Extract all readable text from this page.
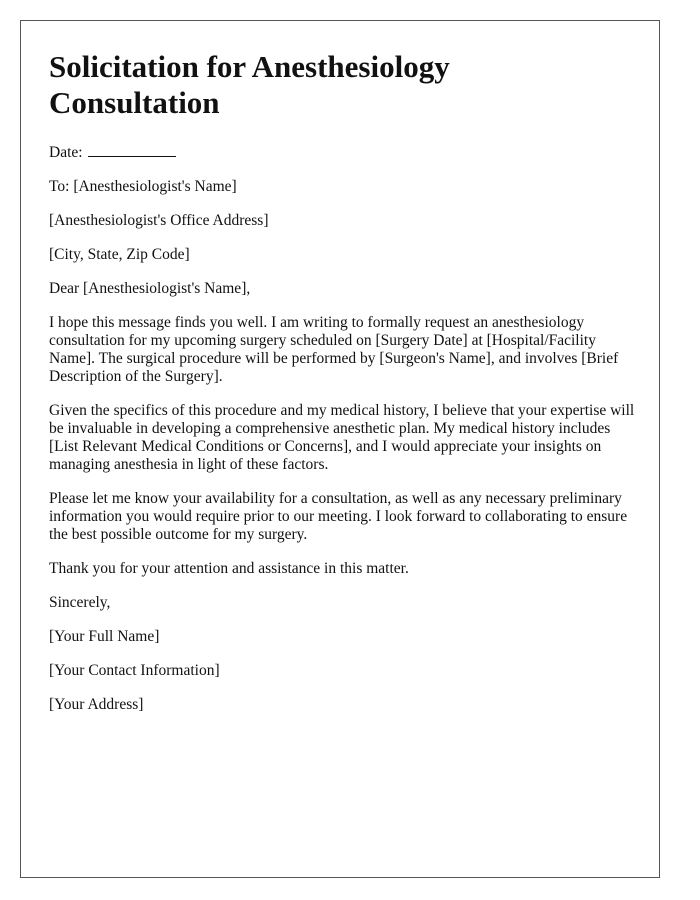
Solicitation for Anesthesiology
Consultation

Date:

To: [Anesthesiologist's Name]

[Anesthesiologist's Office Address]

[City, State, Zip Code]

Dear [Anesthesiologist's Name],

I hope this message finds you well. I am writing to formally request an anesthesiology consultation for my upcoming surgery scheduled on [Surgery Date] at [Hospital/Facility Name]. The surgical procedure will be performed by [Surgeon's Name], and involves [Brief Description of the Surgery].

Given the specifics of this procedure and my medical history, I believe that your expertise will be invaluable in developing a comprehensive anesthetic plan. My medical history includes [List Relevant Medical Conditions or Concerns], and I would appreciate your insights on managing anesthesia in light of these factors.

Please let me know your availability for a consultation, as well as any necessary preliminary information you would require prior to our meeting. I look forward to collaborating to ensure the best possible outcome for my surgery.

Thank you for your attention and assistance in this matter.

Sincerely,

[Your Full Name]

[Your Contact Information]

[Your Address]
